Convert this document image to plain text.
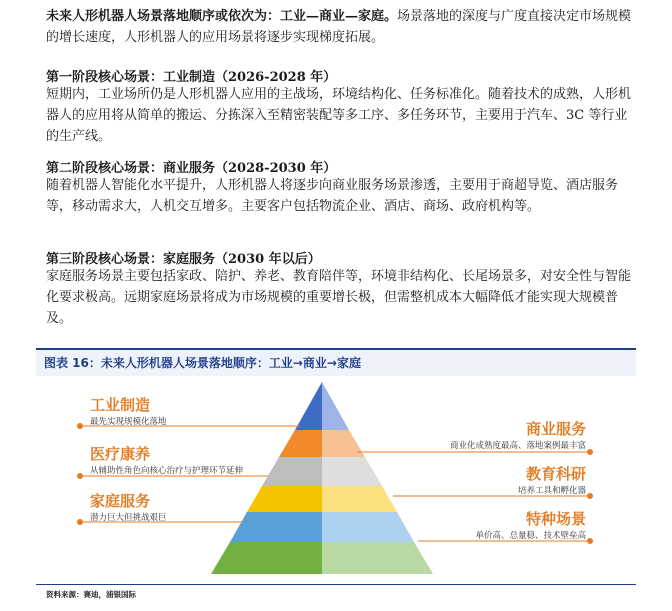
未来人形机器人场景落地顺序或依次为：工业—商业—家庭。场景落地的深度与广度直接决定市场规模的增长速度，人形机器人的应用场景将逐步实现梯度拓展。

第一阶段核心场景：工业制造（2026-2028 年）

短期内，工业场所仍是人形机器人应用的主战场，环境结构化、任务标准化。随着技术的成熟，人形机器人的应用将从简单的搬运、分拣深入至精密装配等多工序、多任务环节，主要用于汽车、3C 等行业的生产线。

第二阶段核心场景：商业服务（2028-2030 年）

随着机器人智能化水平提升，人形机器人将逐步向商业服务场景渗透，主要用于商超导览、酒店服务等，移动需求大，人机交互增多。主要客户包括物流企业、酒店、商场、政府机构等。

第三阶段核心场景：家庭服务（2030 年以后）

家庭服务场景主要包括家政、陪护、养老、教育陪伴等，环境非结构化、长尾场景多，对安全性与智能化要求极高。远期家庭场景将成为市场规模的重要增长极，但需整机成本大幅降低才能实现大规模普及。

图表 16：未来人形机器人场景落地顺序：工业→商业→家庭
工业制造
最先实现规模化落地
医疗康养
从辅助性角色向核心治疗与护理环节延伸
家庭服务
潜力巨大但挑战艰巨
商业服务
商业化成熟度最高、落地案例最丰富
教育科研
培养工具和孵化器
特种场景
单价高、总量稳、技术壁垒高
资料来源：赛迪，浦银国际
